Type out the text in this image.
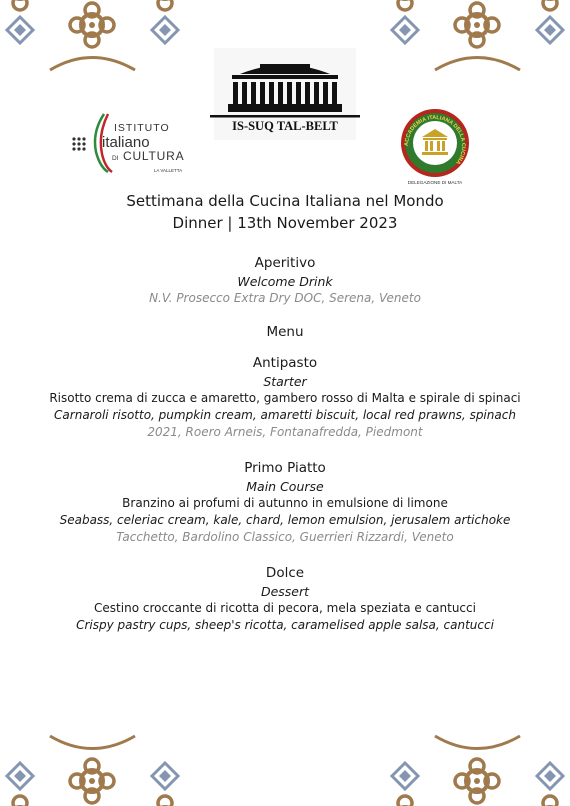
ISTITUTO
italiano
DI CULTURA
LA VALLETTA
IS-SUQ TAL-BELT
ACCADEMIA ITALIANA DELLA CUCINA
DELEGAZIONE DI MALTA
Settimana della Cucina Italiana nel Mondo
Dinner | 13th November 2023
Aperitivo
Welcome Drink
N.V. Prosecco Extra Dry DOC, Serena, Veneto
Menu
Antipasto
Starter
Risotto crema di zucca e amaretto, gambero rosso di Malta e spirale di spinaci
Carnaroli risotto, pumpkin cream, amaretti biscuit, local red prawns, spinach
2021, Roero Arneis, Fontanafredda, Piedmont
Primo Piatto
Main Course
Branzino ai profumi di autunno in emulsione di limone
Seabass, celeriac cream, kale, chard, lemon emulsion, jerusalem artichoke
Tacchetto, Bardolino Classico, Guerrieri Rizzardi, Veneto
Dolce
Dessert
Cestino croccante di ricotta di pecora, mela speziata e cantucci
Crispy pastry cups, sheep's ricotta, caramelised apple salsa, cantucci
